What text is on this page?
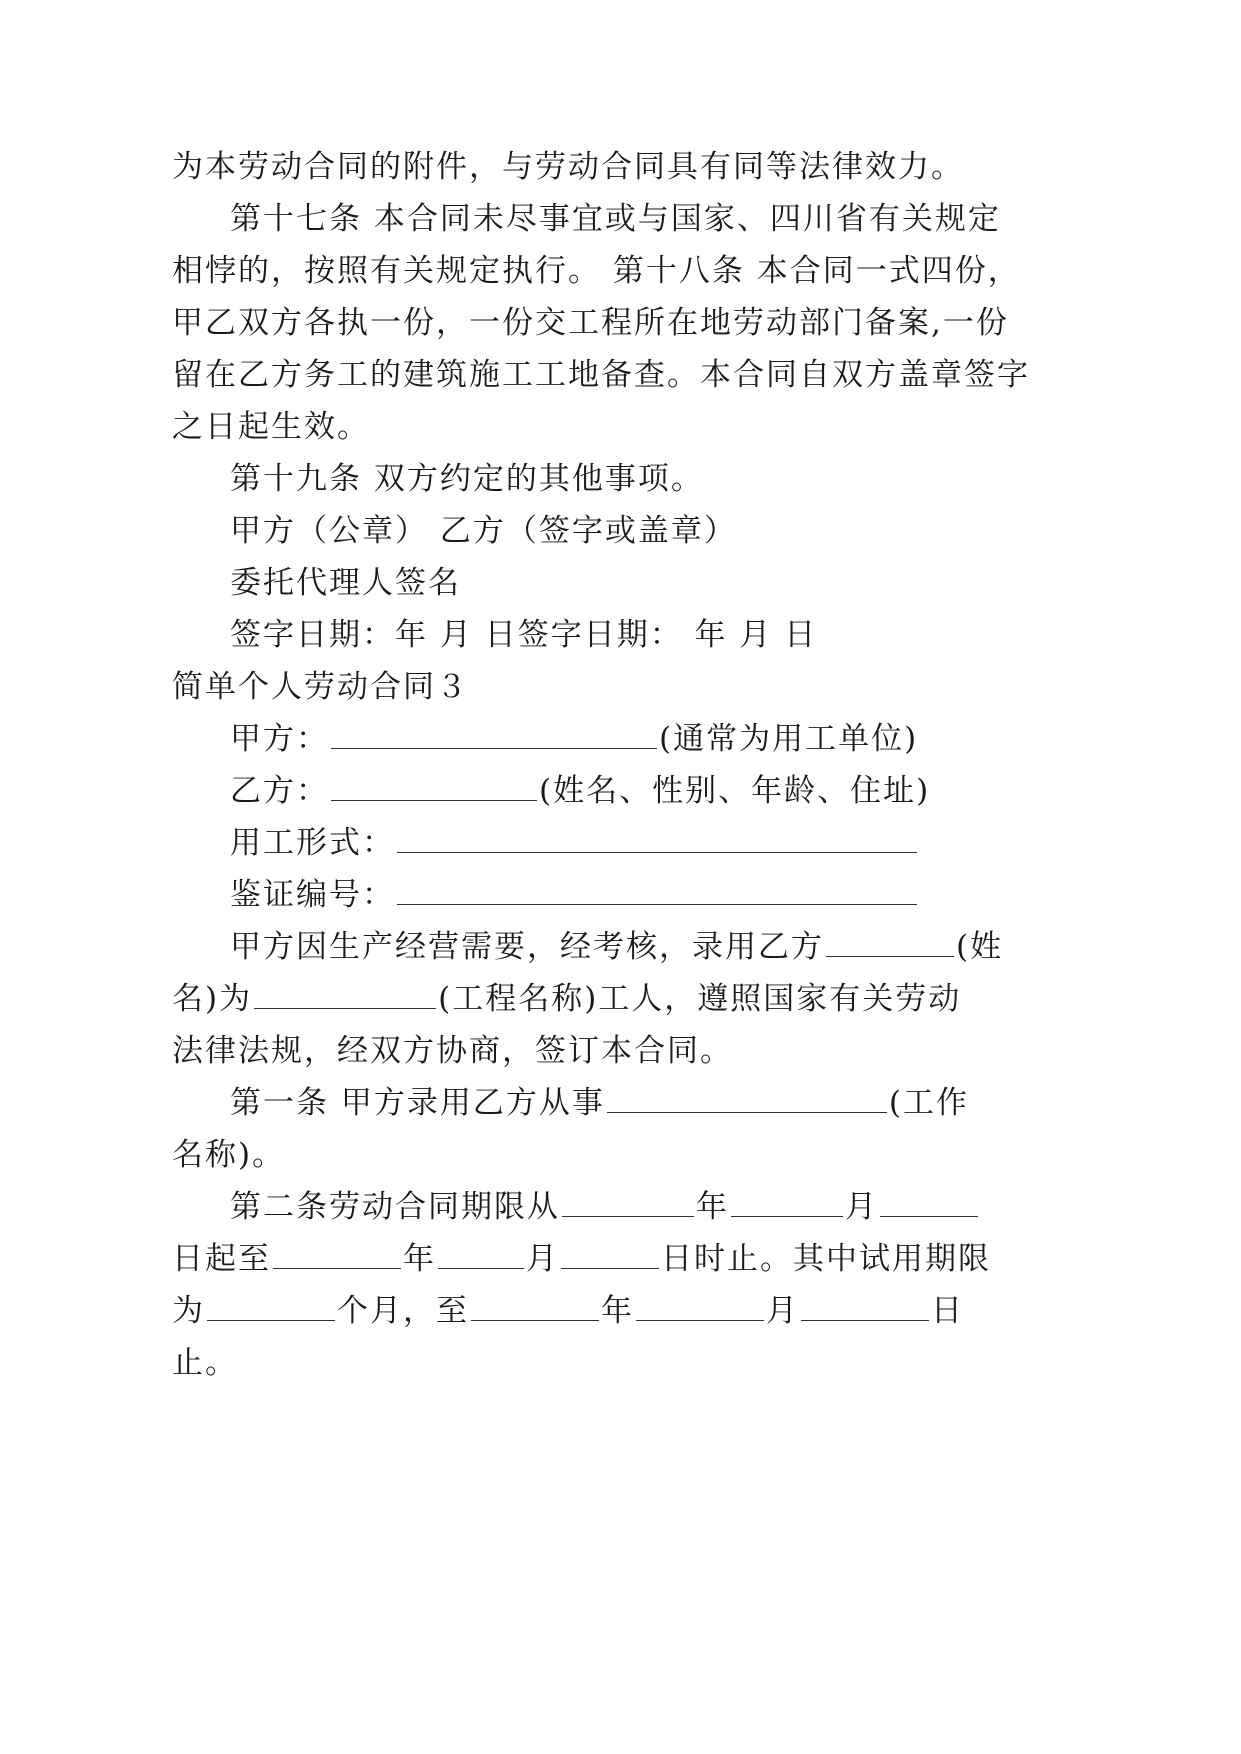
为本劳动合同的附件，与劳动合同具有同等法律效力。
第十七条 本合同未尽事宜或与国家、四川省有关规定
相悖的，按照有关规定执行。 第十八条 本合同一式四份，
甲乙双方各执一份，一份交工程所在地劳动部门备案,一份
留在乙方务工的建筑施工工地备查。本合同自双方盖章签字
之日起生效。
第十九条 双方约定的其他事项。
甲方（公章） 乙方（签字或盖章）
委托代理人签名
签字日期：年 月 日签字日期： 年 月 日
简单个人劳动合同３
甲方：	(通常为用工单位)
乙方：	(姓名、性别、年龄、住址)
用工形式：
鉴证编号：
甲方因生产经营需要，经考核，录用乙方	(姓
名)为	(工程名称)工人，遵照国家有关劳动
法律法规，经双方协商，签订本合同。
第一条 甲方录用乙方从事	(工作
名称)。
第二条劳动合同期限从	年	月
日起至	年	月	日时止。其中试用期限
为	个月，至	年	月	日
止。
